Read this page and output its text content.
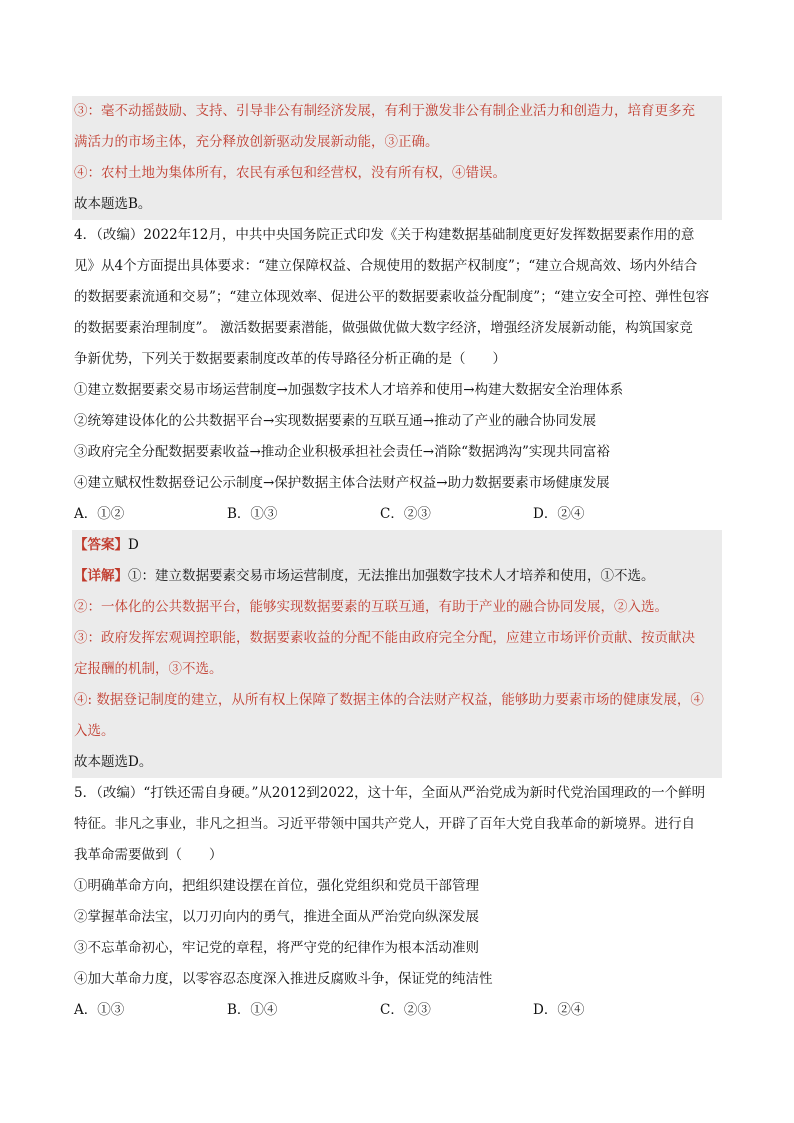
③：毫不动摇鼓励、支持、引导非公有制经济发展，有利于激发非公有制企业活力和创造力，培育更多充
满活力的市场主体，充分释放创新驱动发展新动能，③正确。
④：农村土地为集体所有，农民有承包和经营权，没有所有权，④错误。
故本题选B。
4．（改编）2022年12月，中共中央国务院正式印发《关于构建数据基础制度更好发挥数据要素作用的意
见》从4个方面提出具体要求：“建立保障权益、合规使用的数据产权制度”；“建立合规高效、场内外结合
的数据要素流通和交易”；“建立体现效率、促进公平的数据要素收益分配制度”；“建立安全可控、弹性包容
的数据要素治理制度”。 激活数据要素潜能，做强做优做大数字经济，增强经济发展新动能，构筑国家竞
争新优势，下列关于数据要素制度改革的传导路径分析正确的是（　　）
①建立数据要素交易市场运营制度→加强数字技术人才培养和使用→构建大数据安全治理体系
②统筹建设体化的公共数据平台→实现数据要素的互联互通→推动了产业的融合协同发展
③政府完全分配数据要素收益→推动企业积极承担社会责任→消除“数据鸿沟”实现共同富裕
④建立赋权性数据登记公示制度→保护数据主体合法财产权益→助力数据要素市场健康发展
A．①②	B．①③	C．②③	D．②④
【答案】D
【详解】①：建立数据要素交易市场运营制度，无法推出加强数字技术人才培养和使用，①不选。
②：一体化的公共数据平台，能够实现数据要素的互联互通，有助于产业的融合协同发展，②入选。
③：政府发挥宏观调控职能，数据要素收益的分配不能由政府完全分配，应建立市场评价贡献、按贡献决
定报酬的机制，③不选。
④: 数据登记制度的建立，从所有权上保障了数据主体的合法财产权益，能够助力要素市场的健康发展，④
入选。
故本题选D。
5．（改编）“打铁还需自身硬。”从2012到2022，这十年，全面从严治党成为新时代党治国理政的一个鲜明
特征。非凡之事业，非凡之担当。习近平带领中国共产党人，开辟了百年大党自我革命的新境界。进行自
我革命需要做到（　　）
①明确革命方向，把组织建设摆在首位，强化党组织和党员干部管理
②掌握革命法宝，以刀刃向内的勇气，推进全面从严治党向纵深发展
③不忘革命初心，牢记党的章程，将严守党的纪律作为根本活动准则
④加大革命力度，以零容忍态度深入推进反腐败斗争，保证党的纯洁性
A．①③	B．①④	C．②③	D．②④
